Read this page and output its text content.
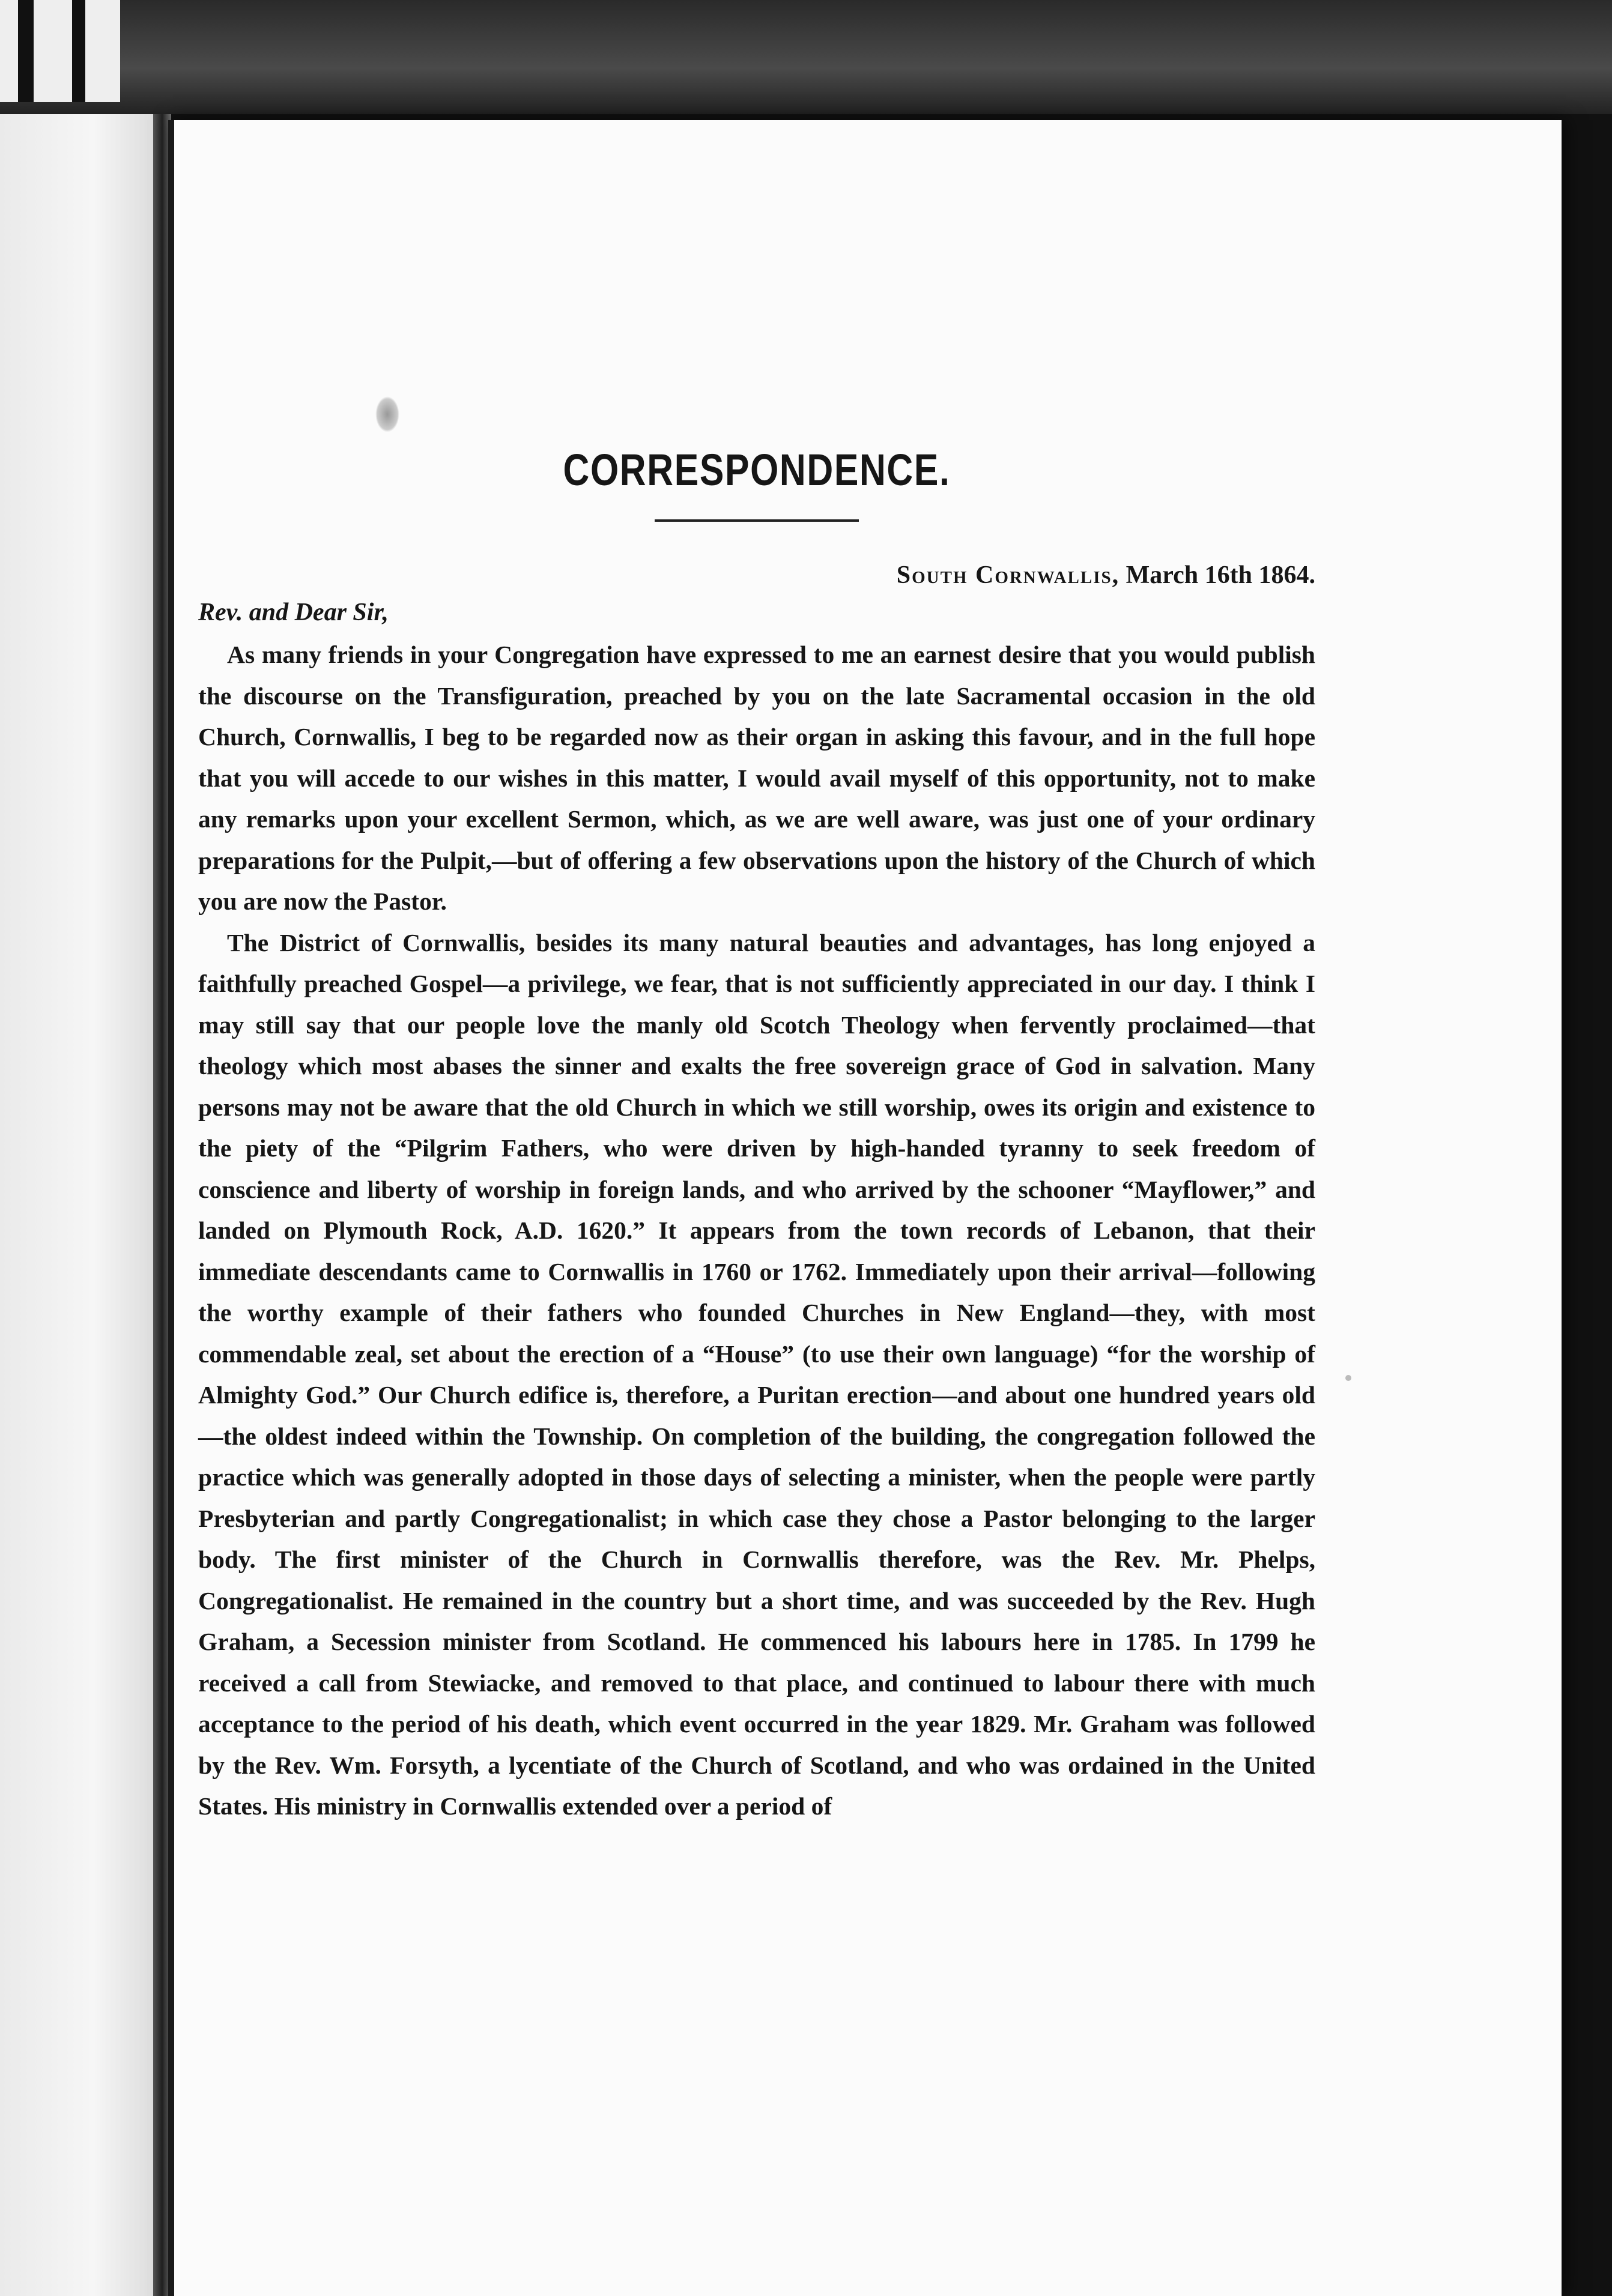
CORRESPONDENCE.

South Cornwallis, March 16th 1864.

Rev. and Dear Sir,

As many friends in your Congregation have expressed to me an earnest desire that you would publish the discourse on the Transfiguration, preached by you on the late Sacramental occasion in the old Church, Cornwallis, I beg to be regarded now as their organ in asking this favour, and in the full hope that you will accede to our wishes in this matter, I would avail myself of this opportunity, not to make any remarks upon your excellent Sermon, which, as we are well aware, was just one of your ordinary preparations for the Pulpit,—but of offering a few observations upon the history of the Church of which you are now the Pastor.

The District of Cornwallis, besides its many natural beauties and advantages, has long enjoyed a faithfully preached Gospel—a privilege, we fear, that is not sufficiently appreciated in our day. I think I may still say that our people love the manly old Scotch Theology when fervently proclaimed—that theology which most abases the sinner and exalts the free sovereign grace of God in salvation. Many persons may not be aware that the old Church in which we still worship, owes its origin and existence to the piety of the “Pilgrim Fathers, who were driven by high-handed tyranny to seek freedom of conscience and liberty of worship in foreign lands, and who arrived by the schooner “Mayflower,” and landed on Plymouth Rock, A.D. 1620.” It appears from the town records of Lebanon, that their immediate descendants came to Cornwallis in 1760 or 1762. Immediately upon their arrival—following the worthy example of their fathers who founded Churches in New England—they, with most commendable zeal, set about the erection of a “House” (to use their own language) “for the worship of Almighty God.” Our Church edifice is, therefore, a Puritan erection—and about one hundred years old—the oldest indeed within the Township. On completion of the building, the congregation followed the practice which was generally adopted in those days of selecting a minister, when the people were partly Presbyterian and partly Congregationalist; in which case they chose a Pastor belonging to the larger body. The first minister of the Church in Cornwallis therefore, was the Rev. Mr. Phelps, Congregationalist. He remained in the country but a short time, and was succeeded by the Rev. Hugh Graham, a Secession minister from Scotland. He commenced his labours here in 1785. In 1799 he received a call from Stewiacke, and removed to that place, and continued to labour there with much acceptance to the period of his death, which event occurred in the year 1829. Mr. Graham was followed by the Rev. Wm. Forsyth, a lycentiate of the Church of Scotland, and who was ordained in the United States. His ministry in Cornwallis extended over a period of
